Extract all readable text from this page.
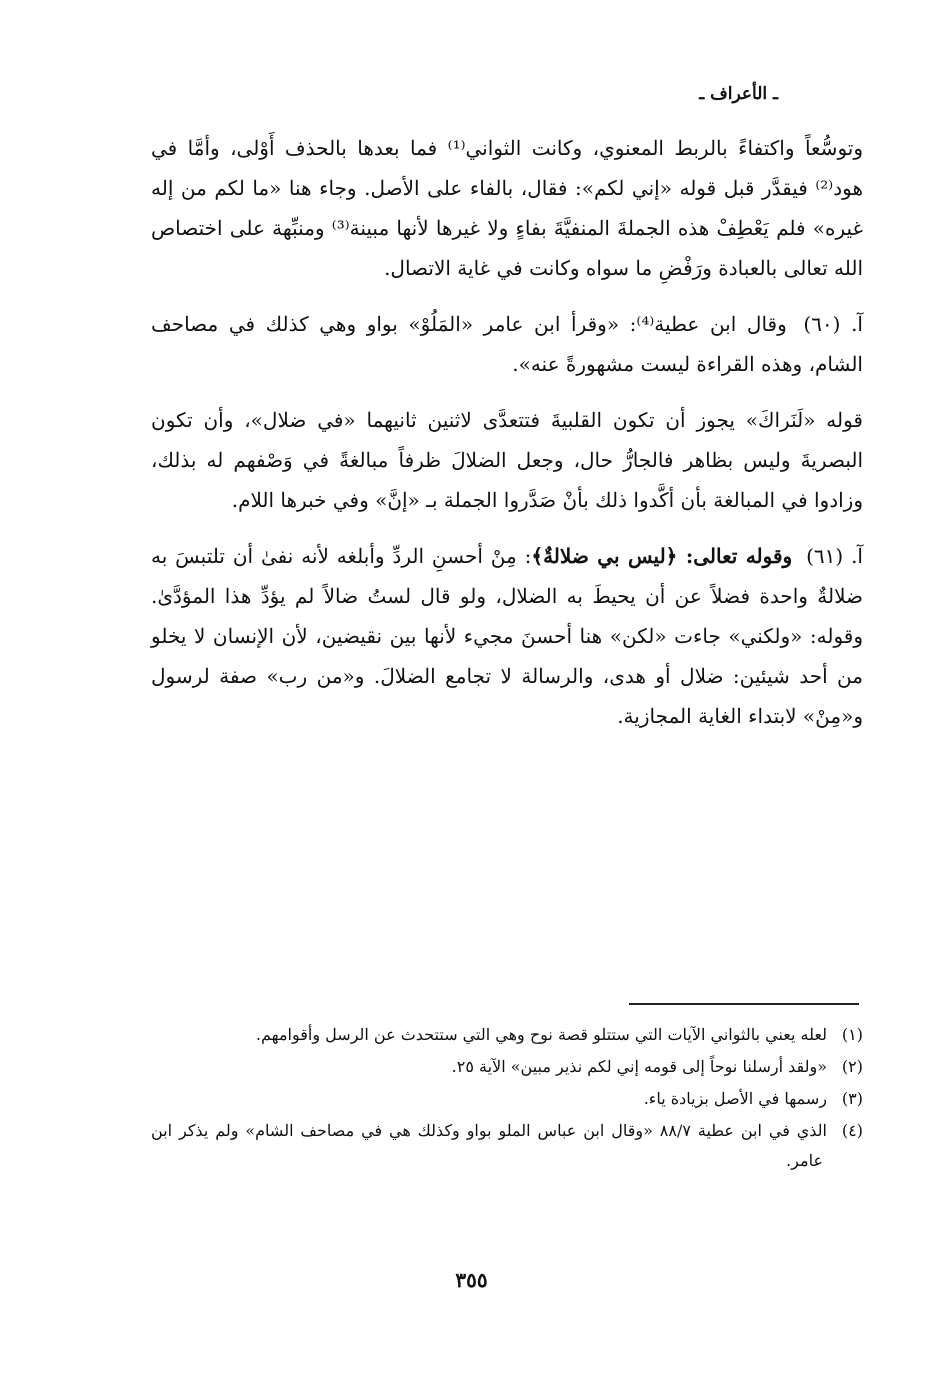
ـ الأعراف ـ

وتوسُّعاً واكتفاءً بالربط المعنوي، وكانت الثواني⁽¹⁾ فما بعدها بالحذف أَوْلى، وأمَّا في هود⁽²⁾ فيقدَّر قبل قوله «إني لكم»: فقال، بالفاء على الأصل. وجاء هنا «ما لكم من إله غيره» فلم يَعْطِفْ هذه الجملةَ المنفيَّةَ بفاءٍ ولا غيرها لأنها مبينة⁽³⁾ ومنبِّهة على اختصاص الله تعالى بالعبادة ورَفْضِ ما سواه وكانت في غاية الاتصال.

آ. (٦٠) وقال ابن عطية⁽⁴⁾: «وقرأ ابن عامر «المَلُوْ» بواو وهي كذلك في مصاحف الشام، وهذه القراءة ليست مشهورةً عنه».

قوله «لَنَراكَ» يجوز أن تكون القلبيةَ فتتعدَّى لاثنين ثانيهما «في ضلال»، وأن تكون البصريةَ وليس بظاهر فالجارُّ حال، وجعل الضلالَ ظرفاً مبالغةً في وَصْفهم له بذلك، وزادوا في المبالغة بأن أكَّدوا ذلك بأنْ صَدَّروا الجملة بـ «إنَّ» وفي خبرها اللام.

آ. (٦١) وقوله تعالى: ﴿ليس بي ضلالةٌ﴾: مِنْ أحسنِ الردِّ وأبلغه لأنه نفىٰ أن تلتبسَ به ضلالةٌ واحدة فضلاً عن أن يحيطَ به الضلال، ولو قال لستُ ضالاً لم يؤدِّ هذا المؤدَّىٰ. وقوله: «ولكني» جاءت «لكن» هنا أحسنَ مجيء لأنها بين نقيضين، لأن الإنسان لا يخلو من أحد شيئين: ضلال أو هدى، والرسالة لا تجامع الضلالَ. و«من رب» صفة لرسول و«مِنْ» لابتداء الغاية المجازية.

(١)لعله يعني بالثواني الآيات التي ستتلو قصة نوح وهي التي ستتحدث عن الرسل وأقوامهم.

(٢)«ولقد أرسلنا نوحاً إلى قومه إني لكم نذير مبين» الآية ٢٥.

(٣)رسمها في الأصل بزيادة ياء.

(٤)الذي في ابن عطية ٨٨/٧ «وقال ابن عباس الملو بواو وكذلك هي في مصاحف الشام» ولم يذكر ابن عامر.

٣٥٥
